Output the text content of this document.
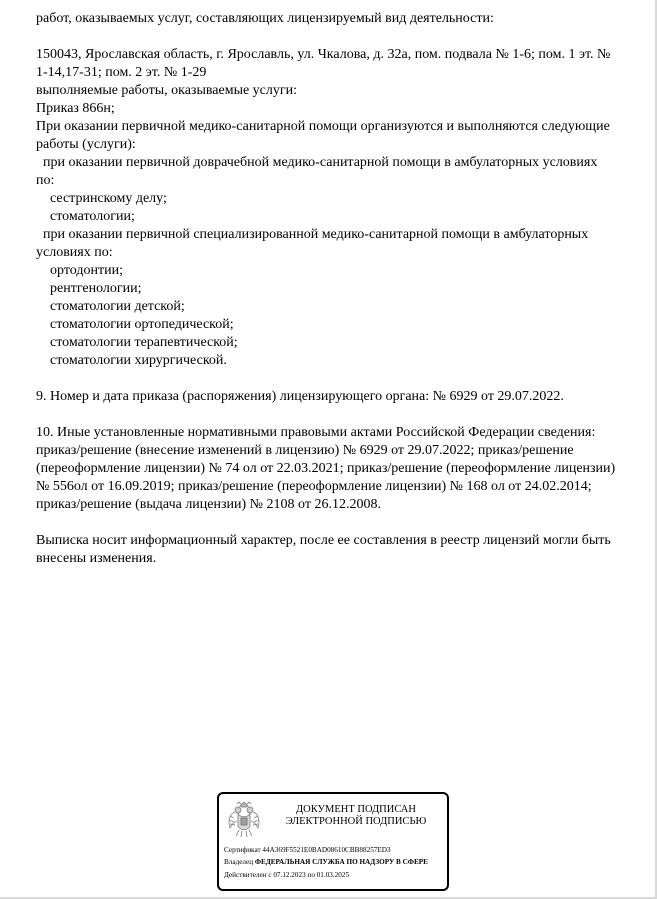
работ, оказываемых услуг, составляющих лицензируемый вид деятельности:

150043, Ярославская область, г. Ярославль, ул. Чкалова, д. 32а, пом. подвала № 1-6; пом. 1 эт. №

1-14,17-31; пом. 2 эт. № 1-29

выполняемые работы, оказываемые услуги:

Приказ 866н;

При оказании первичной медико-санитарной помощи организуются и выполняются следующие

работы (услуги):

при оказании первичной доврачебной медико-санитарной помощи в амбулаторных условиях

по:

сестринскому делу;

стоматологии;

при оказании первичной специализированной медико-санитарной помощи в амбулаторных

условиях по:

ортодонтии;

рентгенологии;

стоматологии детской;

стоматологии ортопедической;

стоматологии терапевтической;

стоматологии хирургической.

9. Номер и дата приказа (распоряжения) лицензирующего органа: № 6929 от 29.07.2022.

10. Иные установленные нормативными правовыми актами Российской Федерации сведения:

приказ/решение (внесение изменений в лицензию) № 6929 от 29.07.2022; приказ/решение

(переоформление лицензии) № 74 ол от 22.03.2021; приказ/решение (переоформление лицензии)

№ 556ол от 16.09.2019; приказ/решение (переоформление лицензии) № 168 ол от 24.02.2014;

приказ/решение (выдача лицензии) № 2108 от 26.12.2008.

Выписка носит информационный характер, после ее составления в реестр лицензий могли быть

внесены изменения.

ДОКУМЕНТ ПОДПИСАН
ЭЛЕКТРОННОЙ ПОДПИСЬЮ
Сертификат 44A369F5521E0BAD08610CBB88257ED3
Владелец ФЕДЕРАЛЬНАЯ СЛУЖБА ПО НАДЗОРУ В СФЕРЕ
Действителен с 07.12.2023 по 01.03.2025
